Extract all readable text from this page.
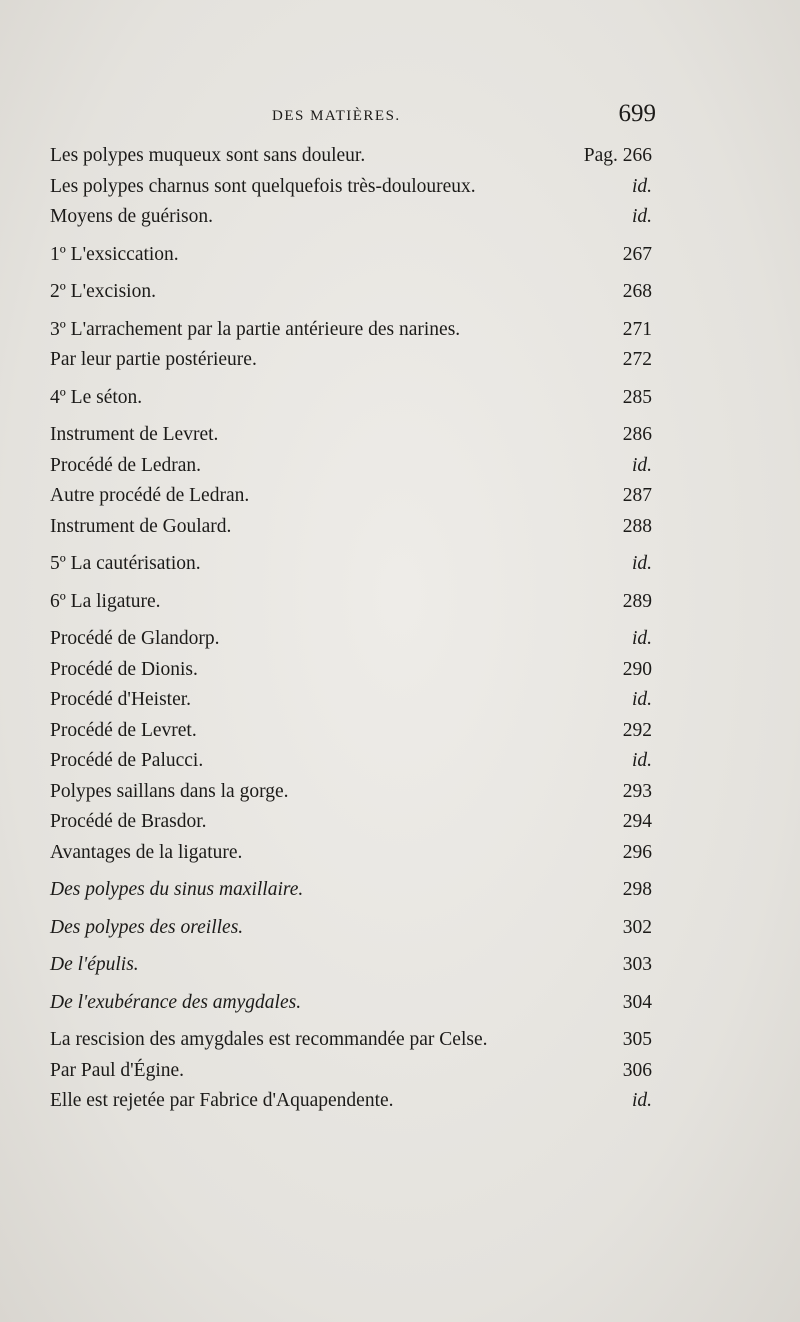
DES MATIÈRES.	699
Les polypes muqueux sont sans douleur.	Pag. 266
Les polypes charnus sont quelquefois très-douloureux.	id.
Moyens de guérison.	id.
1º L'exsiccation.	267
2º L'excision.	268
3º L'arrachement par la partie antérieure des narines.	271
Par leur partie postérieure.	272
4º Le séton.	285
Instrument de Levret.	286
Procédé de Ledran.	id.
Autre procédé de Ledran.	287
Instrument de Goulard.	288
5º La cautérisation.	id.
6º La ligature.	289
Procédé de Glandorp.	id.
Procédé de Dionis.	290
Procédé d'Heister.	id.
Procédé de Levret.	292
Procédé de Palucci.	id.
Polypes saillans dans la gorge.	293
Procédé de Brasdor.	294
Avantages de la ligature.	296
Des polypes du sinus maxillaire.	298
Des polypes des oreilles.	302
De l'épulis.	303
De l'exubérance des amygdales.	304
La rescision des amygdales est recommandée par Celse.	305
Par Paul d'Égine.	306
Elle est rejetée par Fabrice d'Aquapendente.	id.
